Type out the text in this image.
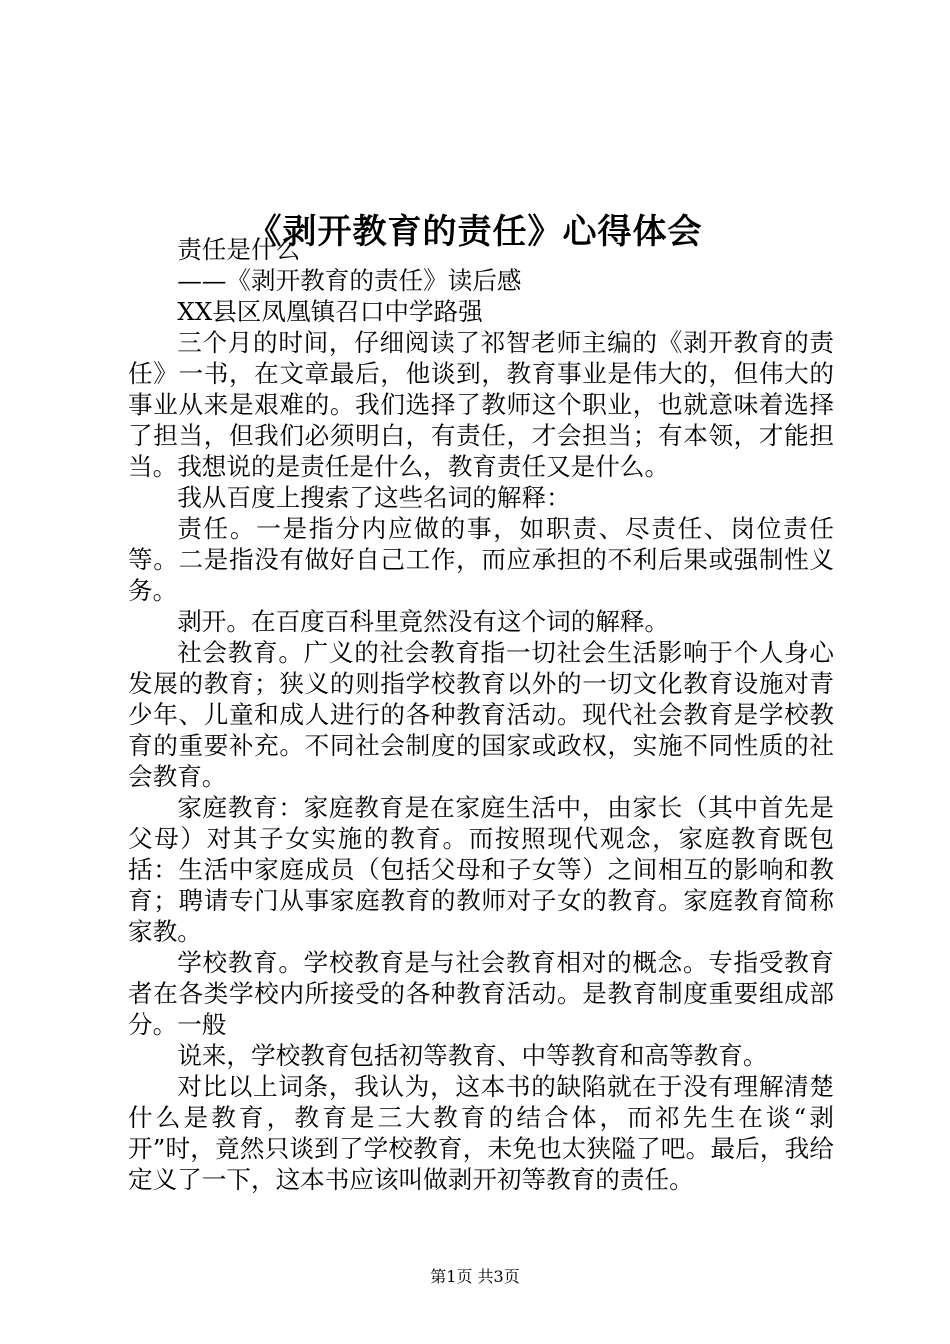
《剥开教育的责任》心得体会

责任是什么

——《剥开教育的责任》读后感

XX县区凤凰镇召口中学路强

三个月的时间，仔细阅读了祁智老师主编的《剥开教育的责任》一书，在文章最后，他谈到，教育事业是伟大的，但伟大的事业从来是艰难的。我们选择了教师这个职业，也就意味着选择了担当，但我们必须明白，有责任，才会担当；有本领，才能担当。我想说的是责任是什么，教育责任又是什么。

我从百度上搜索了这些名词的解释：

责任。一是指分内应做的事，如职责、尽责任、岗位责任等。二是指没有做好自己工作，而应承担的不利后果或强制性义务。

剥开。在百度百科里竟然没有这个词的解释。

社会教育。广义的社会教育指一切社会生活影响于个人身心发展的教育；狭义的则指学校教育以外的一切文化教育设施对青少年、儿童和成人进行的各种教育活动。现代社会教育是学校教育的重要补充。不同社会制度的国家或政权，实施不同性质的社会教育。

家庭教育：家庭教育是在家庭生活中，由家长（其中首先是父母）对其子女实施的教育。而按照现代观念，家庭教育既包括：生活中家庭成员（包括父母和子女等）之间相互的影响和教育；聘请专门从事家庭教育的教师对子女的教育。家庭教育简称家教。

学校教育。学校教育是与社会教育相对的概念。专指受教育者在各类学校内所接受的各种教育活动。是教育制度重要组成部分。一般

说来，学校教育包括初等教育、中等教育和高等教育。

对比以上词条，我认为，这本书的缺陷就在于没有理解清楚什么是教育，教育是三大教育的结合体，而祁先生在谈“剥开”时，竟然只谈到了学校教育，未免也太狭隘了吧。最后，我给定义了一下，这本书应该叫做剥开初等教育的责任。

第1页 共3页
